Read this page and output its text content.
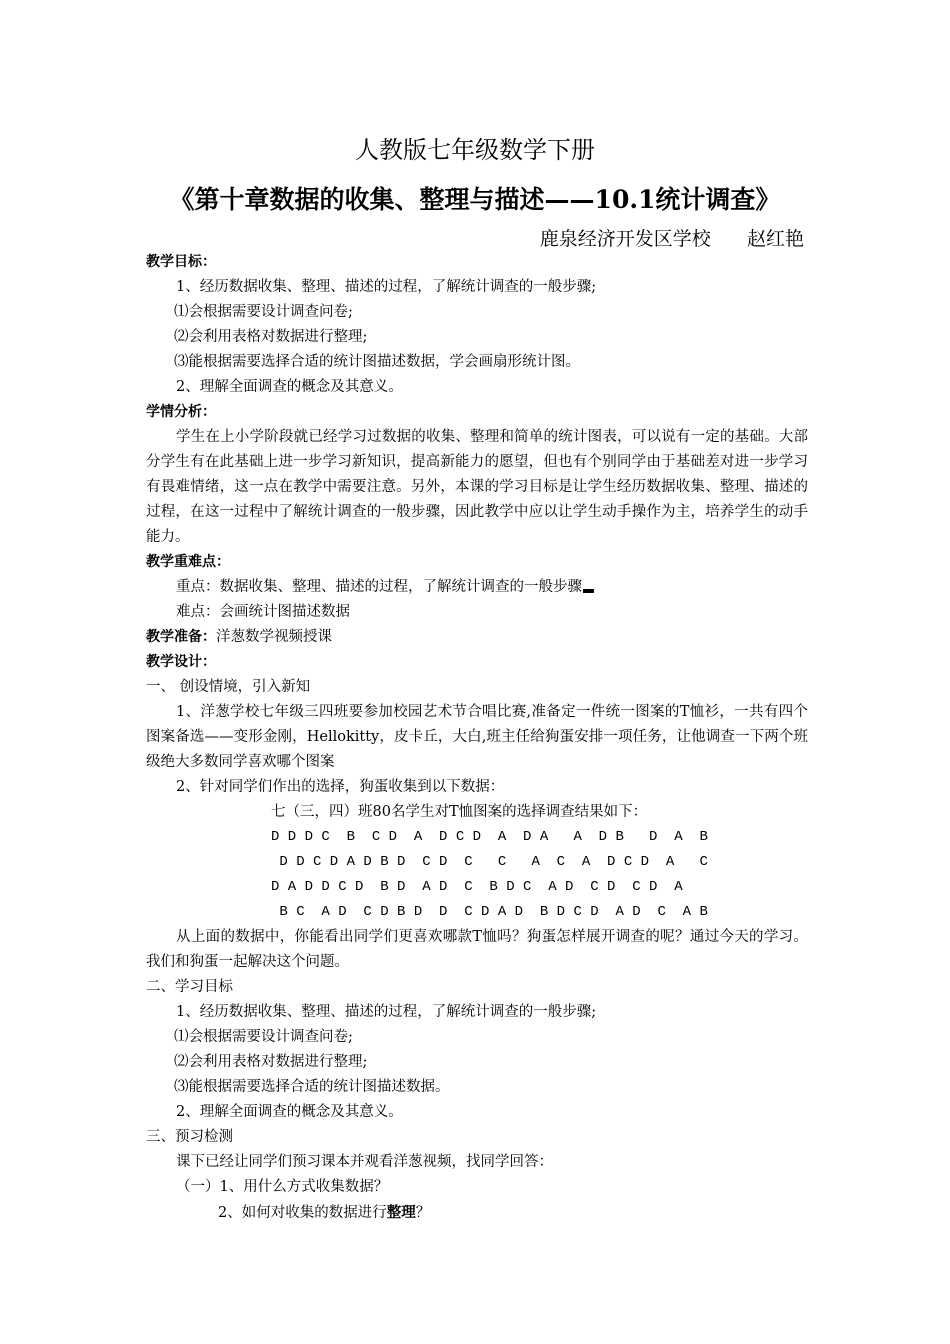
人教版七年级数学下册
《第十章数据的收集、整理与描述——10.1统计调查》
鹿泉经济开发区学校 赵红艳
教学目标：
1、经历数据收集、整理、描述的过程，了解统计调查的一般步骤;
⑴会根据需要设计调查问卷;
⑵会利用表格对数据进行整理;
⑶能根据需要选择合适的统计图描述数据，学会画扇形统计图。
2、理解全面调查的概念及其意义。
学情分析：

学生在上小学阶段就已经学习过数据的收集、整理和简单的统计图表，可以说有一定的基础。大部分学生有在此基础上进一步学习新知识，提高新能力的愿望，但也有个别同学由于基础差对进一步学习有畏难情绪，这一点在教学中需要注意。另外，本课的学习目标是让学生经历数据收集、整理、描述的过程，在这一过程中了解统计调查的一般步骤，因此教学中应以让学生动手操作为主，培养学生的动手能力。

教学重难点：
重点：数据收集、整理、描述的过程，了解统计调查的一般步骤
难点：会画统计图描述数据
教学准备：洋葱数学视频授课
教学设计：
一、 创设情境，引入新知

1、洋葱学校七年级三四班要参加校园艺术节合唱比赛,准备定一件统一图案的T恤衫，一共有四个图案备选——变形金刚，Hellokitty，皮卡丘，大白,班主任给狗蛋安排一项任务，让他调查一下两个班级绝大多数同学喜欢哪个图案

2、针对同学们作出的选择，狗蛋收集到以下数据：
七（三，四）班80名学生对T恤图案的选择调查结果如下：
D D D C  B  C D  A  D C D  A  D A   A  D B   D  A  B
D D C D A D B D  C D  C   C   A  C  A  D C D  A   C
D A D D C D  B D  A D  C  B D C  A D  C D  C D  A
B C  A D  C D B D  D  C D A D  B D C D  A D  C  A B

从上面的数据中，你能看出同学们更喜欢哪款T恤吗？狗蛋怎样展开调查的呢？通过今天的学习。我们和狗蛋一起解决这个问题。

二、学习目标
1、经历数据收集、整理、描述的过程，了解统计调查的一般步骤;
⑴会根据需要设计调查问卷;
⑵会利用表格对数据进行整理;
⑶能根据需要选择合适的统计图描述数据。
2、理解全面调查的概念及其意义。
三、预习检测
课下已经让同学们预习课本并观看洋葱视频，找同学回答：
（一）1、用什么方式收集数据？
2、如何对收集的数据进行整理？
